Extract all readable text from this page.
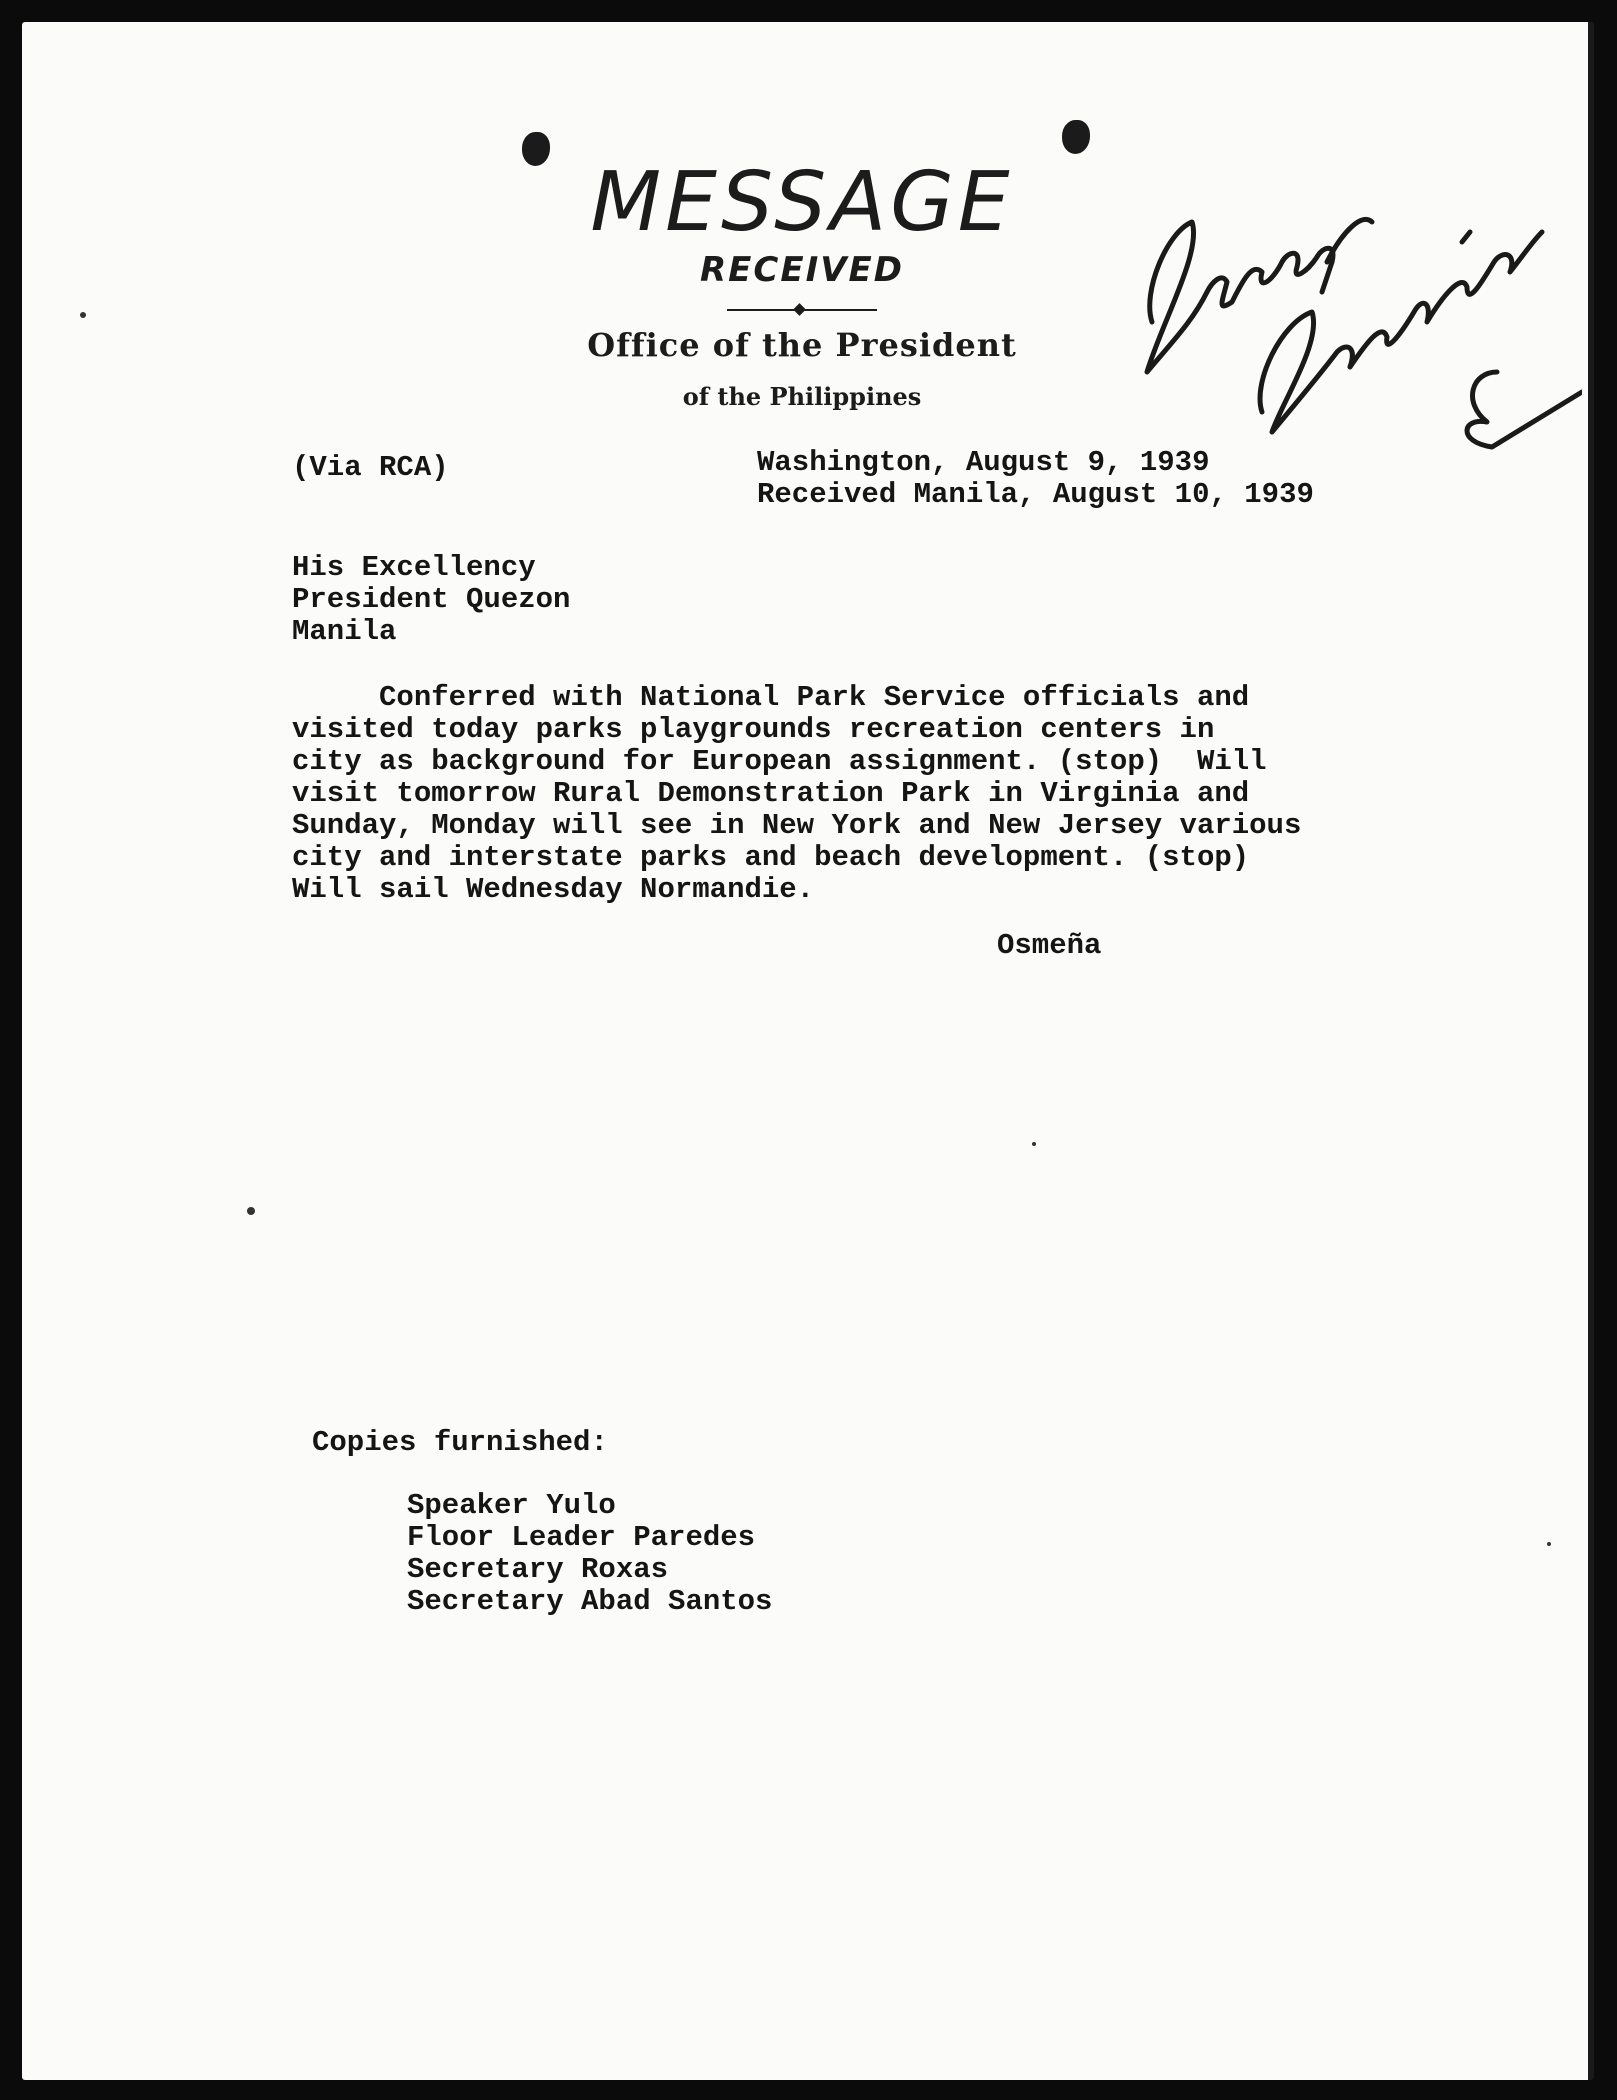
MESSAGE
RECEIVED
Office of the President
of the Philippines
(Via RCA)	Washington, August 9, 1939
Received Manila, August 10, 1939
His Excellency
President Quezon
Manila
Conferred with National Park Service officials and
visited today parks playgrounds recreation centers in
city as background for European assignment. (stop)  Will
visit tomorrow Rural Demonstration Park in Virginia and
Sunday, Monday will see in New York and New Jersey various
city and interstate parks and beach development. (stop)
Will sail Wednesday Normandie.
Osmeña
Copies furnished:
Speaker Yulo
Floor Leader Paredes
Secretary Roxas
Secretary Abad Santos
